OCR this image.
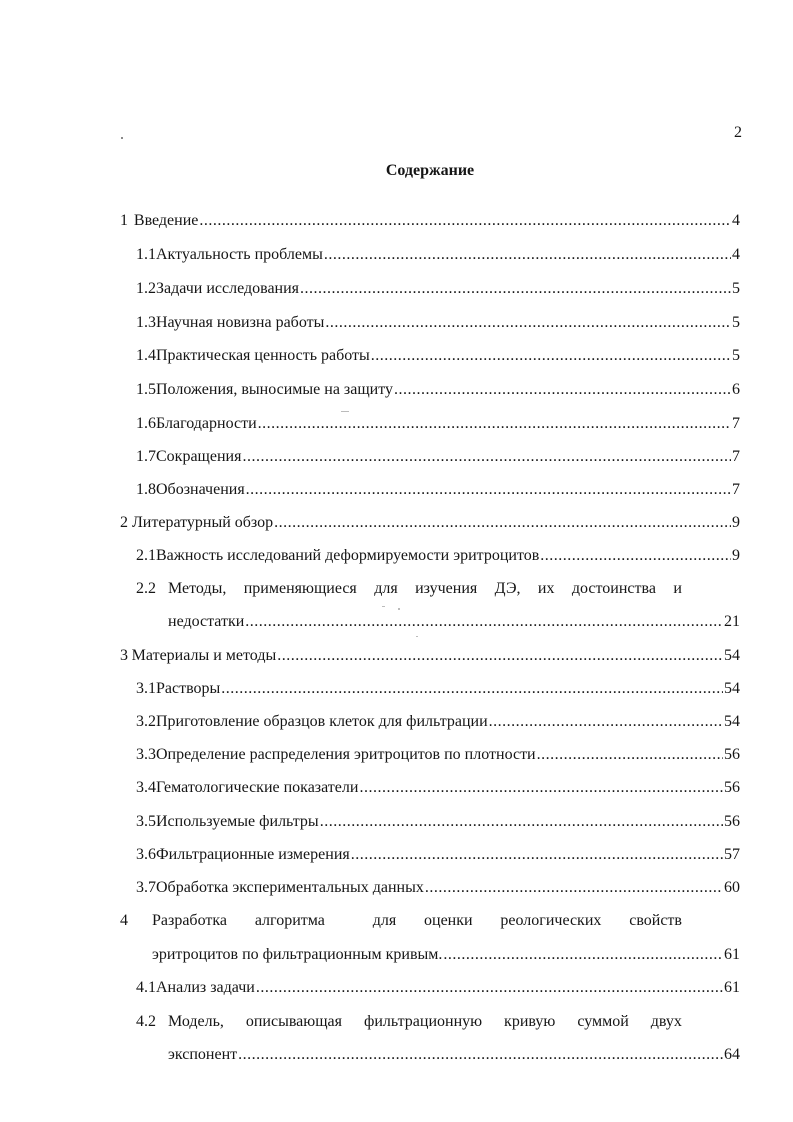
2
Содержание
1 Введение .....	4
1.1 Актуальность проблемы .....	4
1.2 Задачи исследования .....	5
1.3 Научная новизна работы .....	5
1.4 Практическая ценность работы .....	5
1.5 Положения, выносимые на защиту .....	6
1.6 Благодарности .....	7
1.7 Сокращения .....	7
1.8 Обозначения .....	7
2 Литературный обзор .....	9
2.1 Важность исследований деформируемости эритроцитов .....	9
2.2 Методы, применяющиеся для изучения ДЭ, их достоинства и
недостатки .....	21
3 Материалы и методы .....	54
3.1 Растворы .....	54
3.2 Приготовление образцов клеток для фильтрации .....	54
3.3 Определение распределения эритроцитов по плотности .....	56
3.4 Гематологические показатели .....	56
3.5 Используемые фильтры .....	56
3.6 Фильтрационные измерения .....	57
3.7 Обработка экспериментальных данных .....	60
4	Разработка алгоритма	для оценки реологических свойств
эритроцитов по фильтрационным кривым. .....	61
4.1 Анализ задачи .....	61
4.2 Модель, описывающая фильтрационную кривую суммой двух
экспонент .....	64
